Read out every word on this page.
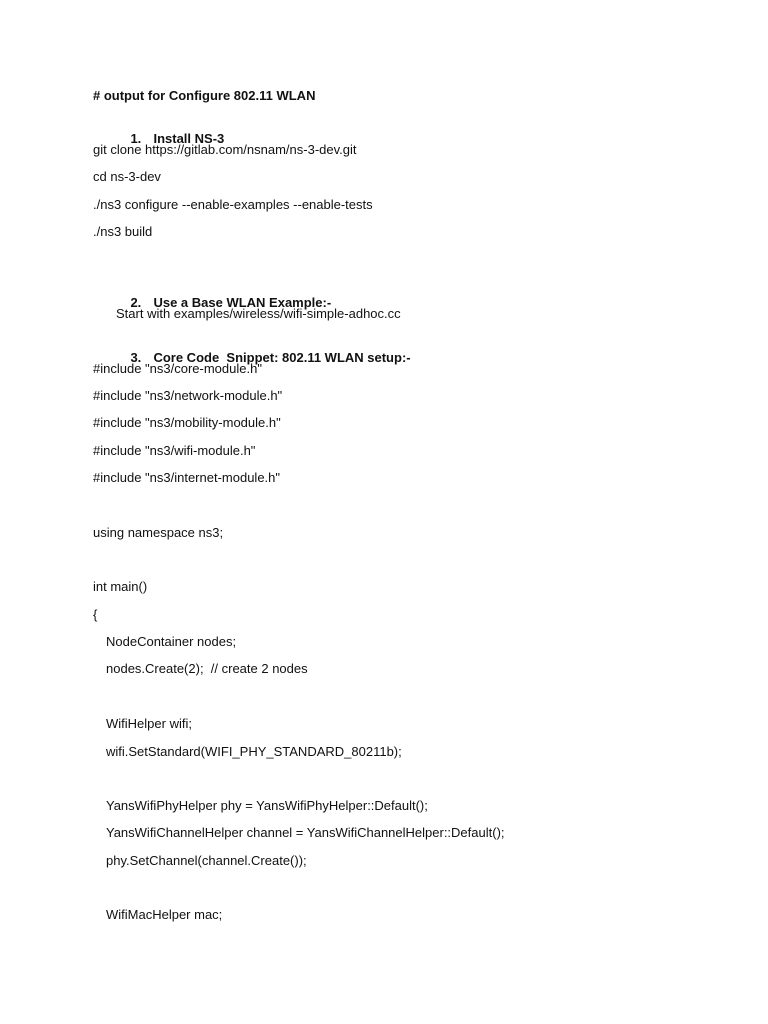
# output for Configure 802.11 WLAN

1. Install NS-3

git clone https://gitlab.com/nsnam/ns-3-dev.git
cd ns-3-dev
./ns3 configure --enable-examples --enable-tests
./ns3 build

2. Use a Base WLAN Example:-

Start with examples/wireless/wifi-simple-adhoc.cc

3. Core Code  Snippet: 802.11 WLAN setup:-

#include "ns3/core-module.h"
#include "ns3/network-module.h"
#include "ns3/mobility-module.h"
#include "ns3/wifi-module.h"
#include "ns3/internet-module.h"
using namespace ns3;
int main()
{
NodeContainer nodes;
nodes.Create(2);  // create 2 nodes
WifiHelper wifi;
wifi.SetStandard(WIFI_PHY_STANDARD_80211b);
YansWifiPhyHelper phy = YansWifiPhyHelper::Default();
YansWifiChannelHelper channel = YansWifiChannelHelper::Default();
phy.SetChannel(channel.Create());
WifiMacHelper mac;
